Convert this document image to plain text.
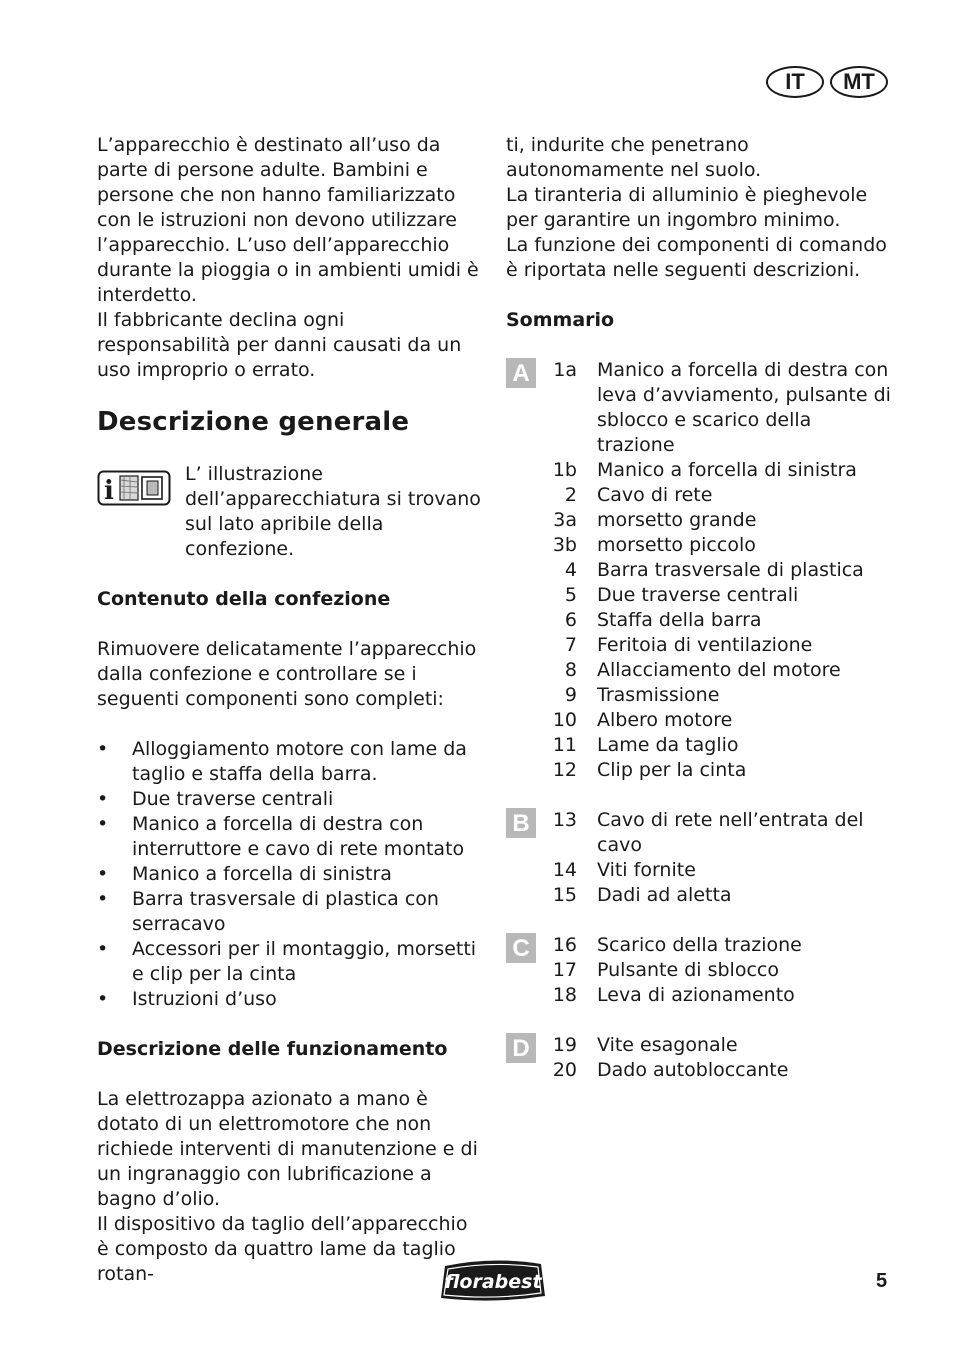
IT	MT

L’apparecchio è destinato all’uso da parte di persone adulte. Bambini e persone che non hanno familiarizzato con le istruzioni non devono utilizzare l’apparecchio. L’uso dell’apparecchio durante la pioggia o in ambienti umidi è interdetto.

Il fabbricante declina ogni responsabilità per danni causati da un uso improprio o errato.

Descrizione generale
i

L’ illustrazione dell’apparecchiatura si trovano sul lato apribile della confezione.

Contenuto della confezione

Rimuovere delicatamente l’apparecchio dalla confezione e controllare se i seguenti componenti sono completi:

• Alloggiamento motore con lame da taglio e staffa della barra.
• Due traverse centrali
• Manico a forcella di destra con interruttore e cavo di rete montato
• Manico a forcella di sinistra
• Barra trasversale di plastica con serracavo
• Accessori per il montaggio, morsetti e clip per la cinta
• Istruzioni d’uso
Descrizione delle funzionamento

La elettrozappa azionato a mano è dotato di un elettromotore che non richiede interventi di manutenzione e di un ingranaggio con lubrificazione a bagno d’olio.

Il dispositivo da taglio dell’apparecchio è composto da quattro lame da taglio rotan-

ti, indurite che penetrano autonomamente nel suolo.

La tiranteria di alluminio è pieghevole per garantire un ingombro minimo.

La funzione dei componenti di comando è riportata nelle seguenti descrizioni.

Sommario
A	1a	Manico a forcella di destra con leva d’avviamento, pulsante di sblocco e scarico della trazione
1b	Manico a forcella di sinistra
2	Cavo di rete
3a	morsetto grande
3b	morsetto piccolo
4	Barra trasversale di plastica
5	Due traverse centrali
6	Staffa della barra
7	Feritoia di ventilazione
8	Allacciamento del motore
9	Trasmissione
10	Albero motore
11	Lame da taglio
12	Clip per la cinta
B	13	Cavo di rete nell’entrata del cavo
14	Viti fornite
15	Dadi ad aletta
C	16	Scarico della trazione
17	Pulsante di sblocco
18	Leva di azionamento
D	19	Vite esagonale
20	Dado autobloccante
florabest	5
